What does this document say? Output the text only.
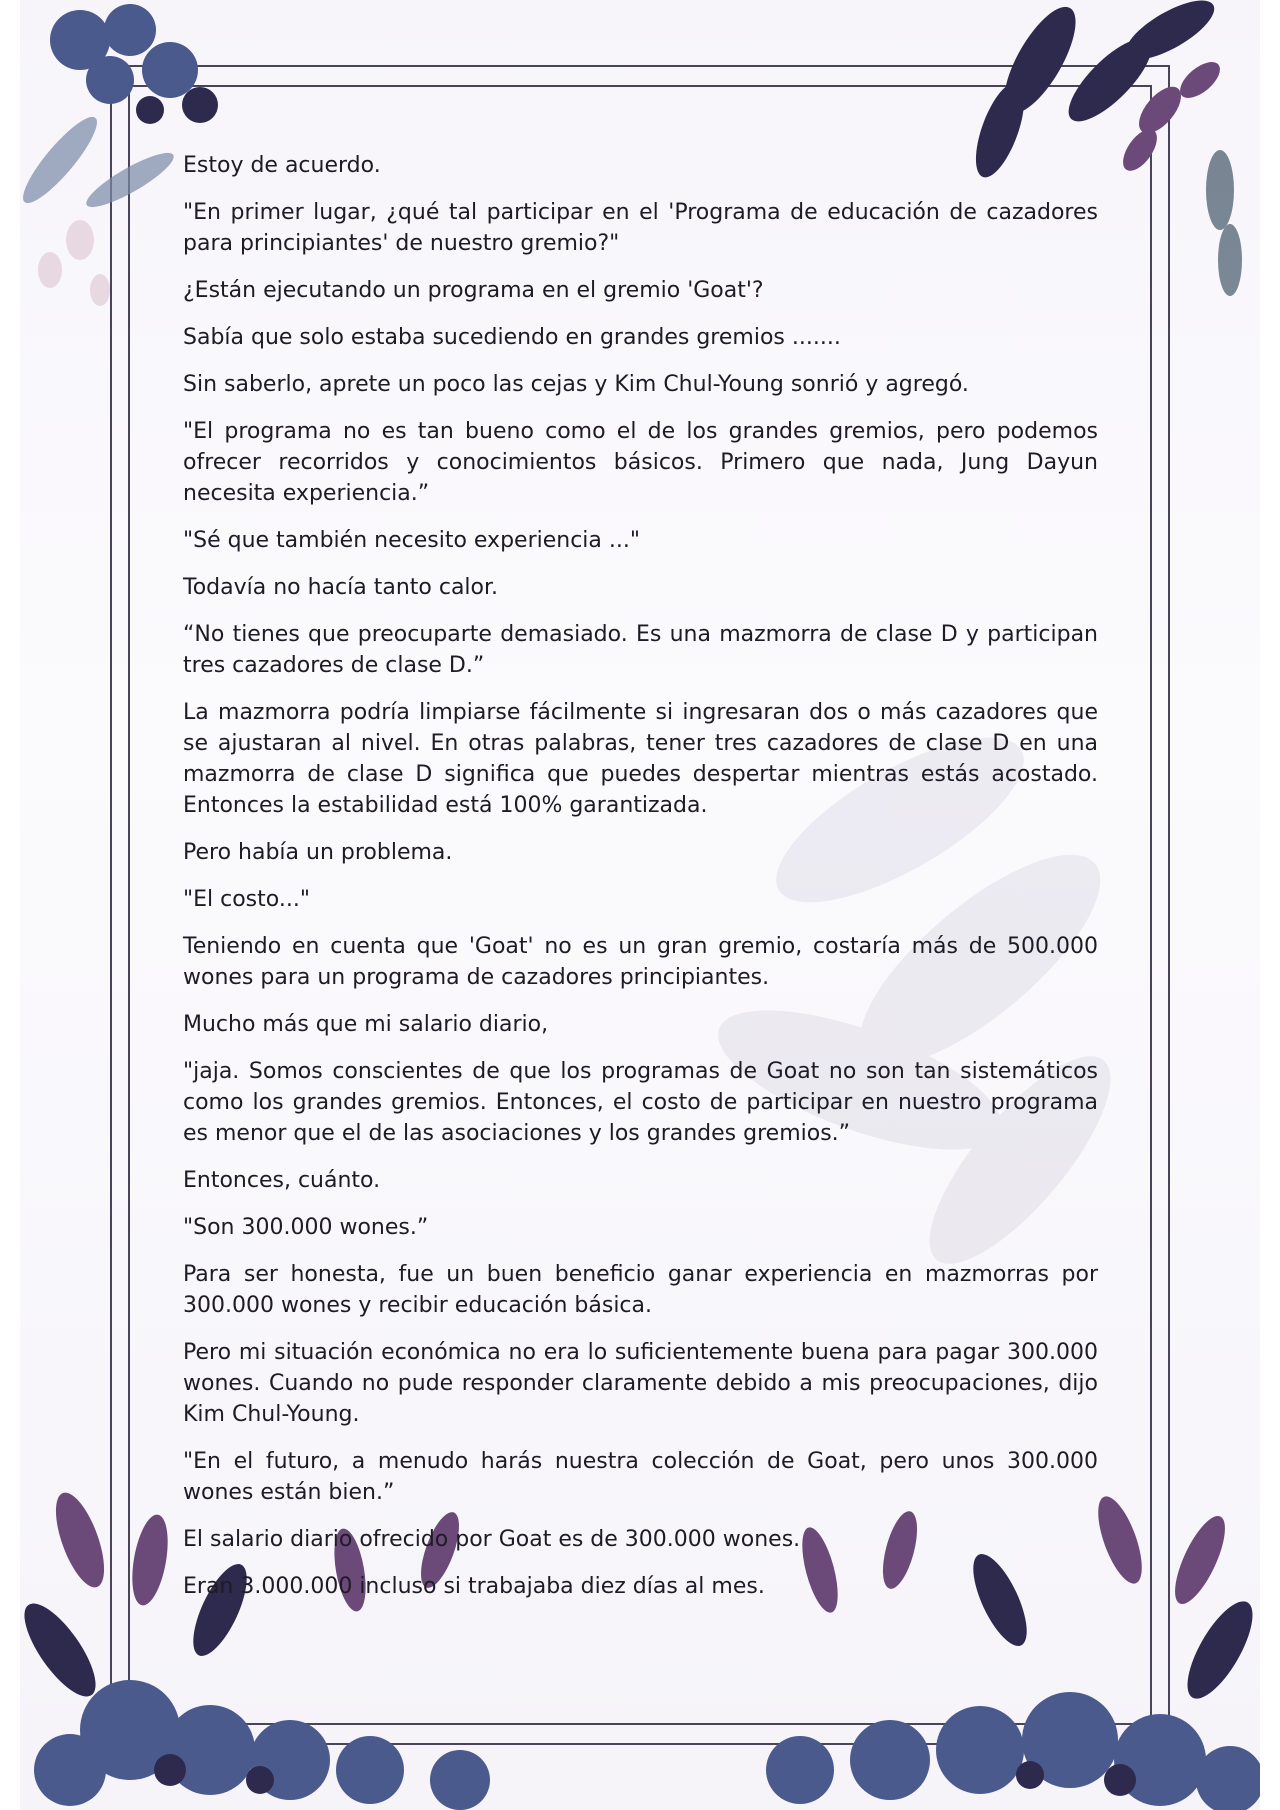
Estoy de acuerdo.

"En primer lugar, ¿qué tal participar en el 'Programa de educación de cazadores para principiantes' de nuestro gremio?"

¿Están ejecutando un programa en el gremio 'Goat'?

Sabía que solo estaba sucediendo en grandes gremios .......

Sin saberlo, aprete un poco las cejas y Kim Chul-Young sonrió y agregó.

"El programa no es tan bueno como el de los grandes gremios, pero podemos ofrecer recorridos y conocimientos básicos. Primero que nada, Jung Dayun necesita experiencia.”

"Sé que también necesito experiencia ..."

Todavía no hacía tanto calor.

“No tienes que preocuparte demasiado. Es una mazmorra de clase D y participan tres cazadores de clase D.”

La mazmorra podría limpiarse fácilmente si ingresaran dos o más cazadores que se ajustaran al nivel. En otras palabras, tener tres cazadores de clase D en una mazmorra de clase D significa que puedes despertar mientras estás acostado. Entonces la estabilidad está 100% garantizada.

Pero había un problema.

"El costo..."

Teniendo en cuenta que 'Goat' no es un gran gremio, costaría más de 500.000 wones para un programa de cazadores principiantes.

Mucho más que mi salario diario,

"jaja. Somos conscientes de que los programas de Goat no son tan sistemáticos como los grandes gremios. Entonces, el costo de participar en nuestro programa es menor que el de las asociaciones y los grandes gremios.”

Entonces, cuánto.

"Son 300.000 wones.”

Para ser honesta, fue un buen beneficio ganar experiencia en mazmorras por 300.000 wones y recibir educación básica.

Pero mi situación económica no era lo suficientemente buena para pagar 300.000 wones. Cuando no pude responder claramente debido a mis preocupaciones, dijo Kim Chul-Young.

"En el futuro, a menudo harás nuestra colección de Goat, pero unos 300.000 wones están bien.”

El salario diario ofrecido por Goat es de 300.000 wones.

Eran 3.000.000 incluso si trabajaba diez días al mes.
